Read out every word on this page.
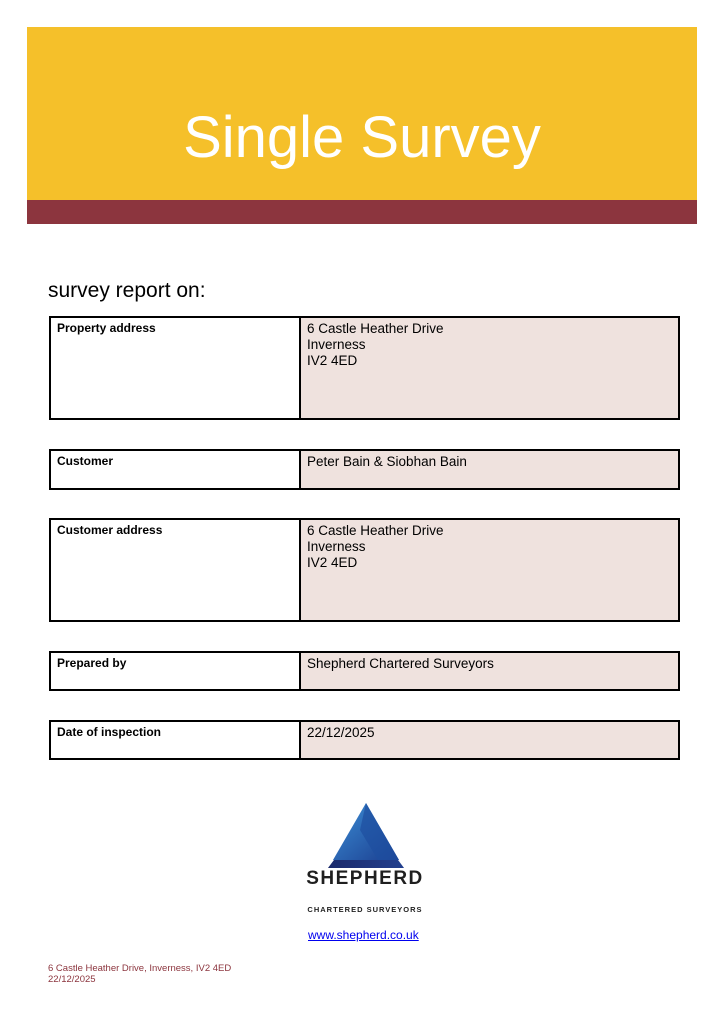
Single Survey
survey report on:
Property address	6 Castle Heather Drive
Inverness
IV2 4ED
Customer	Peter Bain & Siobhan Bain
Customer address	6 Castle Heather Drive
Inverness
IV2 4ED
Prepared by	Shepherd Chartered Surveyors
Date of inspection	22/12/2025
SHEPHERD
CHARTERED SURVEYORS
www.shepherd.co.uk
6 Castle Heather Drive, Inverness, IV2 4ED
22/12/2025
